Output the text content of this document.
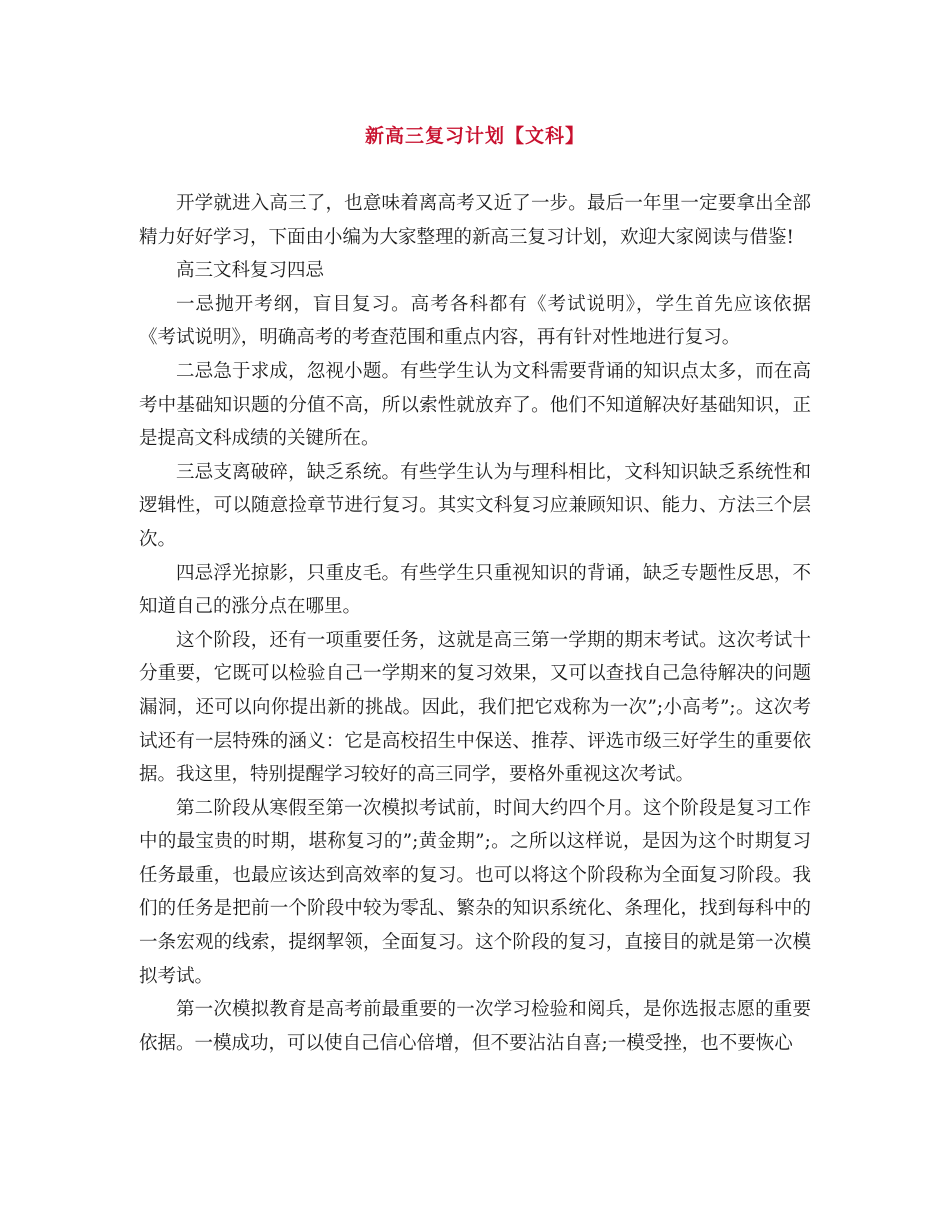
新高三复习计划【文科】

开学就进入高三了，也意味着离高考又近了一步。最后一年里一定要拿出全部精力好好学习，下面由小编为大家整理的新高三复习计划，欢迎大家阅读与借鉴!

高三文科复习四忌

一忌抛开考纲，盲目复习。高考各科都有《考试说明》，学生首先应该依据《考试说明》，明确高考的考查范围和重点内容，再有针对性地进行复习。

二忌急于求成，忽视小题。有些学生认为文科需要背诵的知识点太多，而在高考中基础知识题的分值不高，所以索性就放弃了。他们不知道解决好基础知识，正是提高文科成绩的关键所在。

三忌支离破碎，缺乏系统。有些学生认为与理科相比，文科知识缺乏系统性和逻辑性，可以随意捡章节进行复习。其实文科复习应兼顾知识、能力、方法三个层次。

四忌浮光掠影，只重皮毛。有些学生只重视知识的背诵，缺乏专题性反思，不知道自己的涨分点在哪里。

这个阶段，还有一项重要任务，这就是高三第一学期的期末考试。这次考试十分重要，它既可以检验自己一学期来的复习效果，又可以查找自己急待解决的问题漏洞，还可以向你提出新的挑战。因此，我们把它戏称为一次”;小高考”;。这次考试还有一层特殊的涵义：它是高校招生中保送、推荐、评选市级三好学生的重要依据。我这里，特别提醒学习较好的高三同学，要格外重视这次考试。

第二阶段从寒假至第一次模拟考试前，时间大约四个月。这个阶段是复习工作中的最宝贵的时期，堪称复习的”;黄金期”;。之所以这样说，是因为这个时期复习任务最重，也最应该达到高效率的复习。也可以将这个阶段称为全面复习阶段。我们的任务是把前一个阶段中较为零乱、繁杂的知识系统化、条理化，找到每科中的一条宏观的线索，提纲挈领，全面复习。这个阶段的复习，直接目的就是第一次模拟考试。

第一次模拟教育是高考前最重要的一次学习检验和阅兵，是你选报志愿的重要依据。一模成功，可以使自己信心倍增，但不要沾沾自喜;一模受挫，也不要恢心
